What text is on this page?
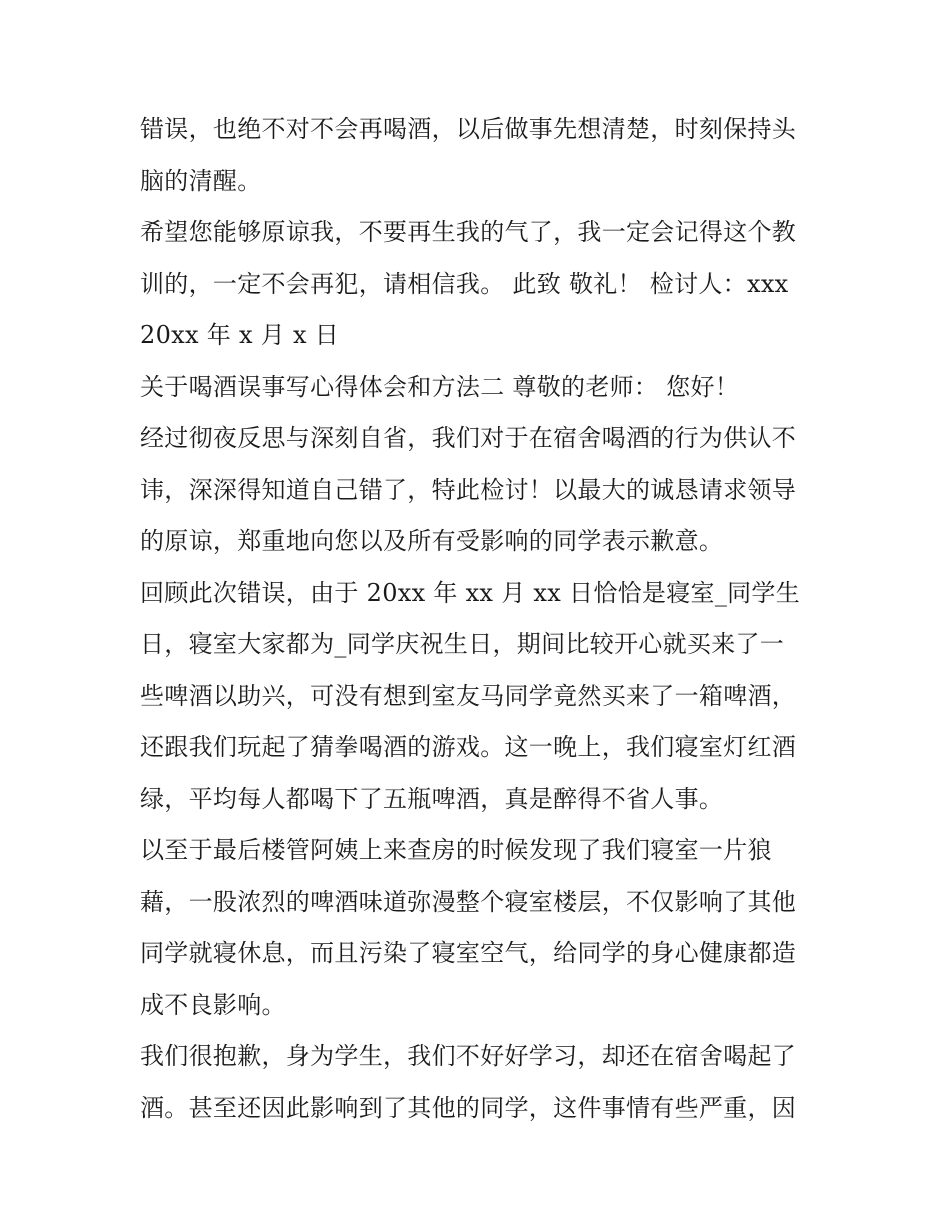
错误，也绝不对不会再喝酒，以后做事先想清楚，时刻保持头
脑的清醒。
希望您能够原谅我，不要再生我的气了，我一定会记得这个教
训的，一定不会再犯，请相信我。 此致 敬礼！ 检讨人：xxx
20xx 年 x 月 x 日
关于喝酒误事写心得体会和方法二 尊敬的老师： 您好！
经过彻夜反思与深刻自省，我们对于在宿舍喝酒的行为供认不
讳，深深得知道自己错了，特此检讨！以最大的诚恳请求领导
的原谅，郑重地向您以及所有受影响的同学表示歉意。
回顾此次错误，由于 20xx 年 xx 月 xx 日恰恰是寝室_同学生
日，寝室大家都为_同学庆祝生日，期间比较开心就买来了一
些啤酒以助兴，可没有想到室友马同学竟然买来了一箱啤酒，
还跟我们玩起了猜拳喝酒的游戏。这一晚上，我们寝室灯红酒
绿，平均每人都喝下了五瓶啤酒，真是醉得不省人事。
以至于最后楼管阿姨上来查房的时候发现了我们寝室一片狼
藉，一股浓烈的啤酒味道弥漫整个寝室楼层，不仅影响了其他
同学就寝休息，而且污染了寝室空气，给同学的身心健康都造
成不良影响。
我们很抱歉，身为学生，我们不好好学习，却还在宿舍喝起了
酒。甚至还因此影响到了其他的同学，这件事情有些严重，因
